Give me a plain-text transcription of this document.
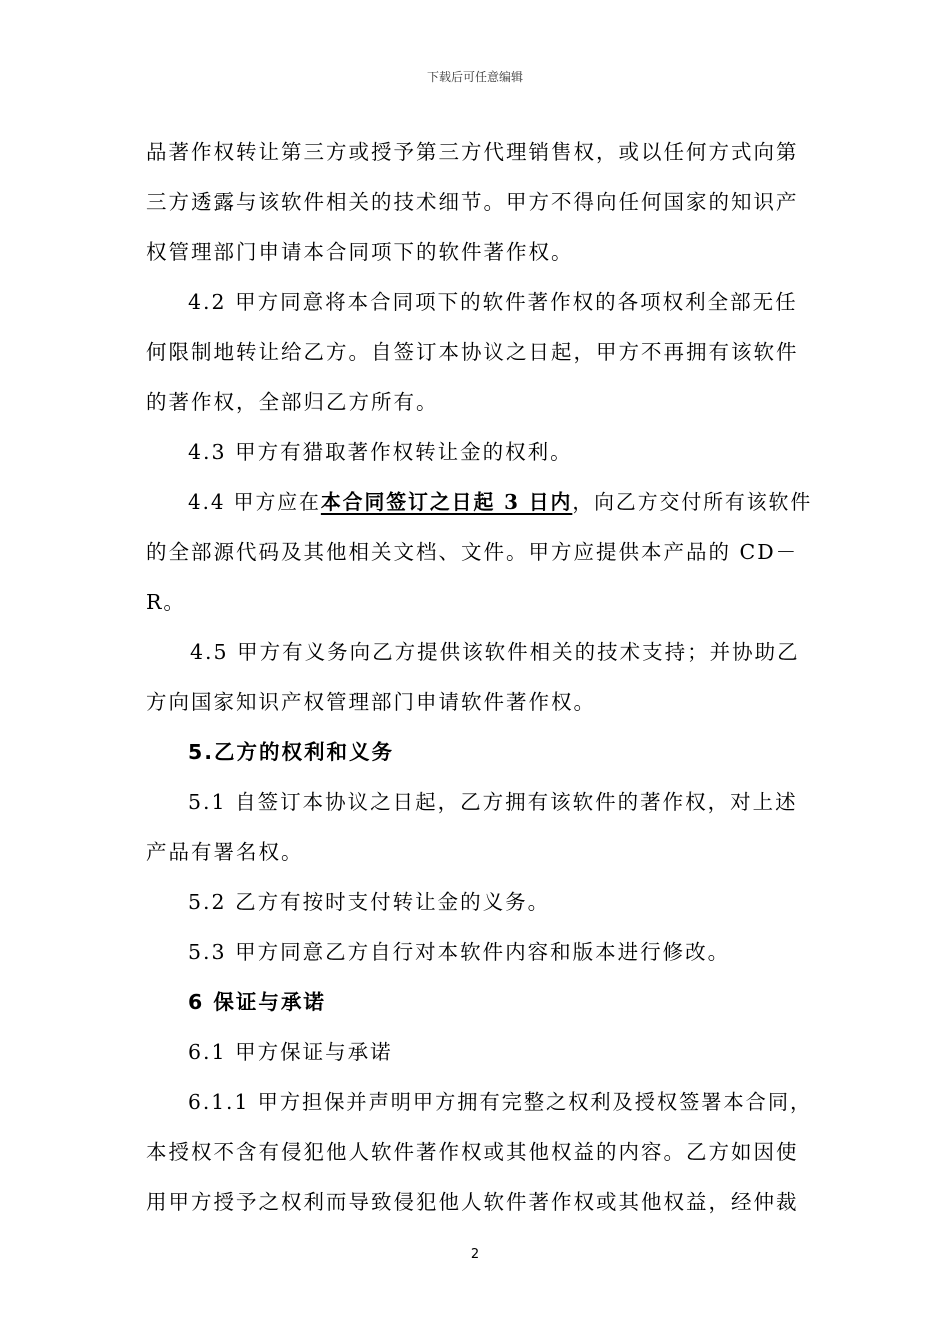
下载后可任意编辑
品著作权转让第三方或授予第三方代理销售权，或以任何方式向第
三方透露与该软件相关的技术细节。甲方不得向任何国家的知识产
权管理部门申请本合同项下的软件著作权。
4.2 甲方同意将本合同项下的软件著作权的各项权利全部无任
何限制地转让给乙方。自签订本协议之日起，甲方不再拥有该软件
的著作权，全部归乙方所有。
4.3 甲方有猎取著作权转让金的权利。
4.4 甲方应在本合同签订之日起 3 日内，向乙方交付所有该软件
的全部源代码及其他相关文档、文件。甲方应提供本产品的 CD－
R。
4.5 甲方有义务向乙方提供该软件相关的技术支持；并协助乙
方向国家知识产权管理部门申请软件著作权。
5.乙方的权利和义务
5.1 自签订本协议之日起，乙方拥有该软件的著作权，对上述
产品有署名权。
5.2 乙方有按时支付转让金的义务。
5.3 甲方同意乙方自行对本软件内容和版本进行修改。
6 保证与承诺
6.1 甲方保证与承诺
6.1.1 甲方担保并声明甲方拥有完整之权利及授权签署本合同，
本授权不含有侵犯他人软件著作权或其他权益的内容。乙方如因使
用甲方授予之权利而导致侵犯他人软件著作权或其他权益，经仲裁
2
